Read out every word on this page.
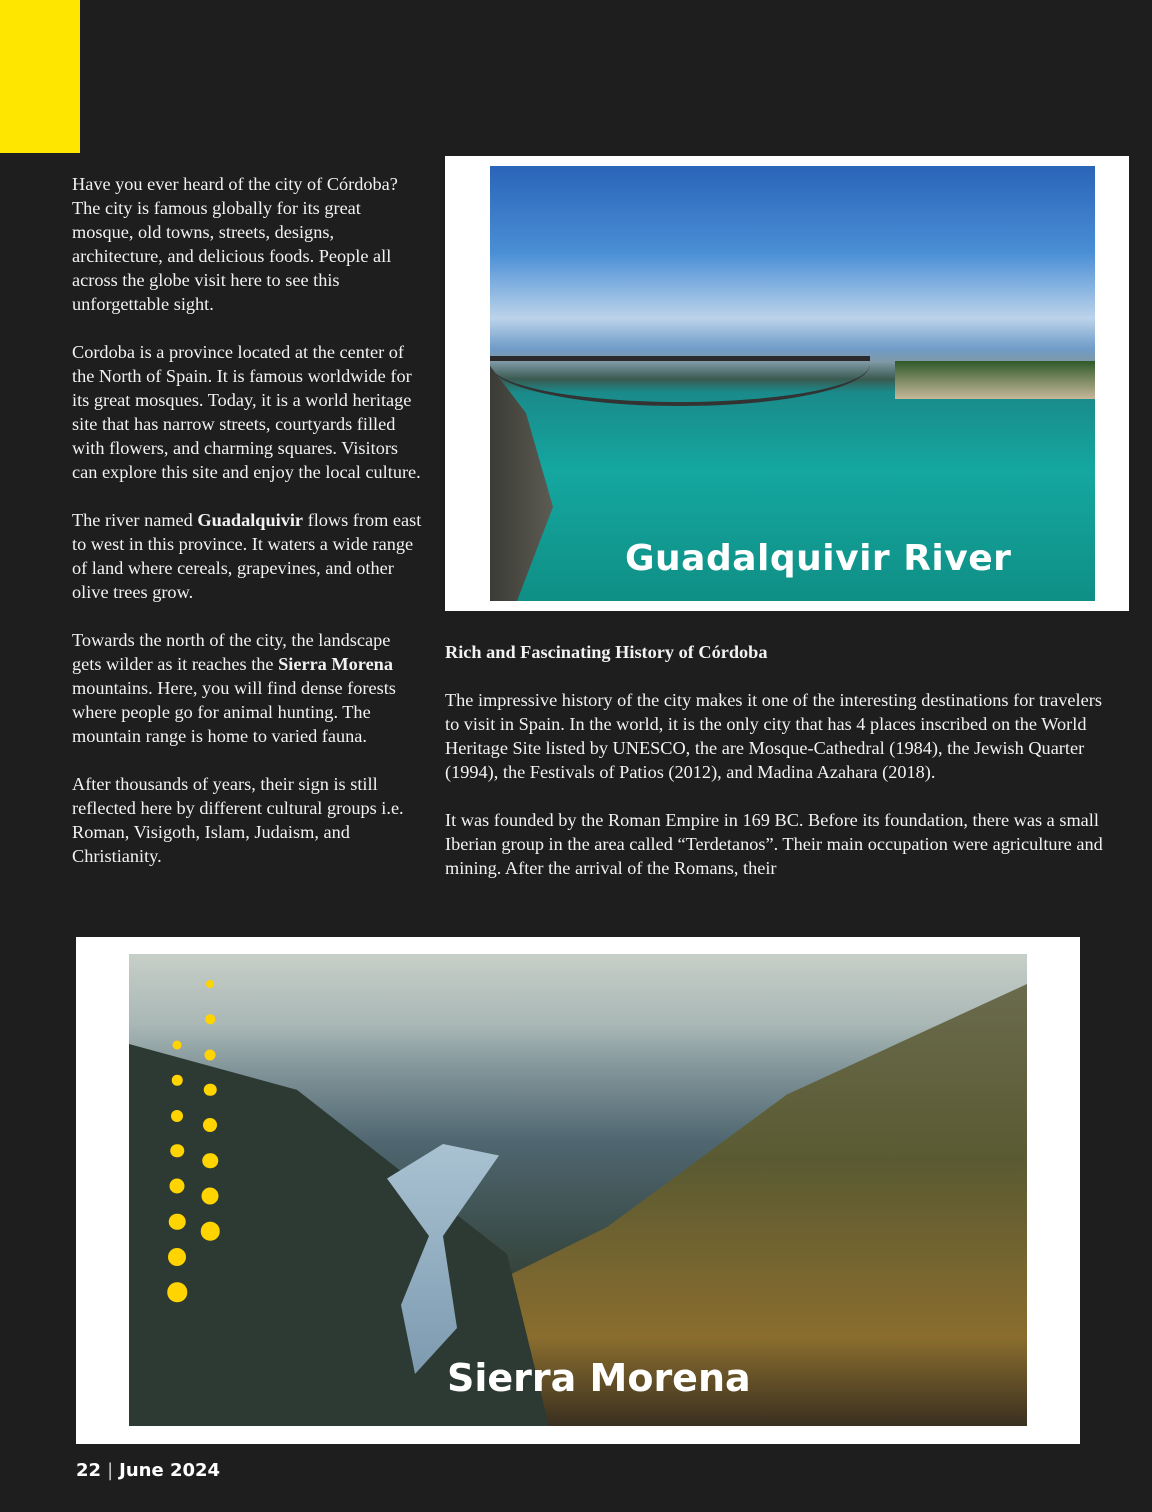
Have you ever heard of the city of Córdoba? The city is famous globally for its great mosque, old towns, streets, designs, architecture, and delicious foods. People all across the globe visit here to see this unforgettable sight.

Cordoba is a province located at the center of the North of Spain. It is famous worldwide for its great mosques. Today, it is a world heritage site that has narrow streets, courtyards filled with flowers, and charming squares. Visitors can explore this site and enjoy the local culture.

The river named Guadalquivir flows from east to west in this province. It waters a wide range of land where cereals, grapevines, and other olive trees grow.

Towards the north of the city, the landscape gets wilder as it reaches the Sierra Morena mountains. Here, you will find dense forests where people go for animal hunting. The mountain range is home to varied fauna.

After thousands of years, their sign is still reflected here by different cultural groups i.e. Roman, Visigoth, Islam, Judaism, and Christianity.

Guadalquivir River
Rich and Fascinating History of Córdoba

The impressive history of the city makes it one of the interesting destinations for travelers to visit in Spain. In the world, it is the only city that has 4 places inscribed on the World Heritage Site listed by UNESCO, the are Mosque-Cathedral (1984), the Jewish Quarter (1994), the Festivals of Patios (2012), and Madina Azahara (2018).

It was founded by the Roman Empire in 169 BC. Before its foundation, there was a small Iberian group in the area called “Terdetanos”. Their main occupation were agriculture and mining. After the arrival of the Romans, their

Sierra Morena
22 | June 2024
